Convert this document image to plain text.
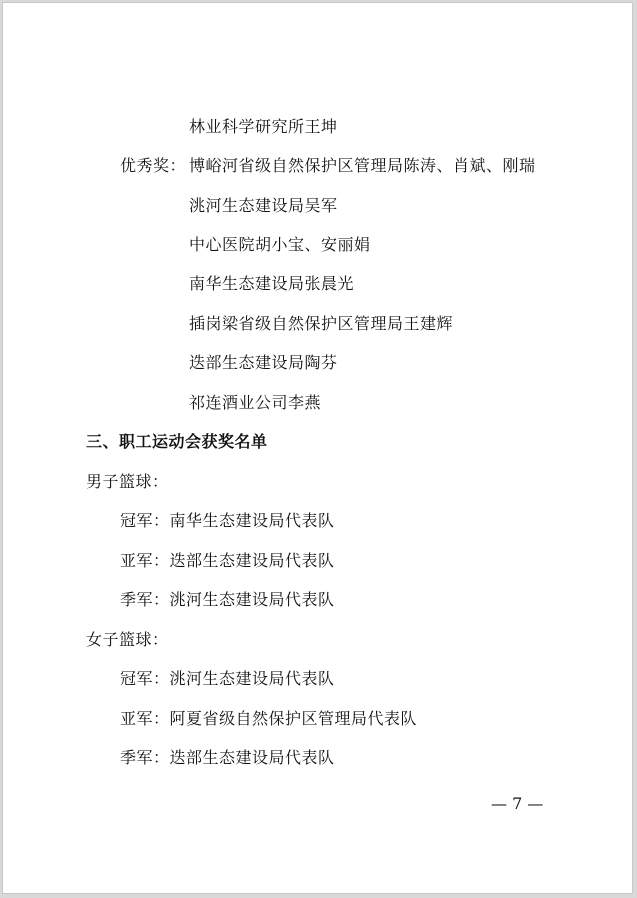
林业科学研究所王坤
优秀奖： 博峪河省级自然保护区管理局陈涛、肖斌、刚瑞
洮河生态建设局吴军
中心医院胡小宝、安丽娟
南华生态建设局张晨光
插岗梁省级自然保护区管理局王建辉
迭部生态建设局陶芬
祁连酒业公司李燕
三、职工运动会获奖名单
男子篮球：
冠军：南华生态建设局代表队
亚军：迭部生态建设局代表队
季军：洮河生态建设局代表队
女子篮球：
冠军：洮河生态建设局代表队
亚军：阿夏省级自然保护区管理局代表队
季军：迭部生态建设局代表队
— 7 —
